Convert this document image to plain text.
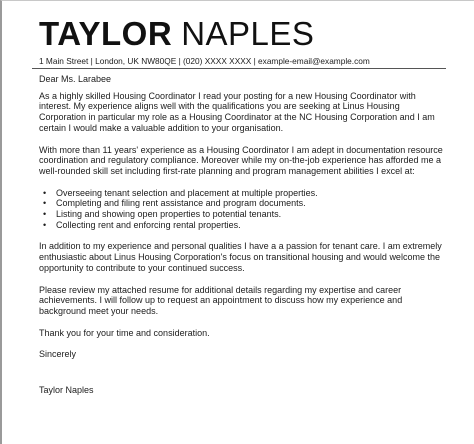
TAYLOR NAPLES
1 Main Street | London, UK NW80QE | (020) XXXX XXXX | example-email@example.com

Dear Ms. Larabee

As a highly skilled Housing Coordinator I read your posting for a new Housing Coordinator with interest. My experience aligns well with the qualifications you are seeking at Linus Housing Corporation in particular my role as a Housing Coordinator at the NC Housing Corporation and I am certain I would make a valuable addition to your organisation.

With more than 11 years' experience as a Housing Coordinator I am adept in documentation resource coordination and regulatory compliance. Moreover while my on-the-job experience has afforded me a well-rounded skill set including first-rate planning and program management abilities I excel at:

• Overseeing tenant selection and placement at multiple properties.
• Completing and filing rent assistance and program documents.
• Listing and showing open properties to potential tenants.
• Collecting rent and enforcing rental properties.

In addition to my experience and personal qualities I have a a passion for tenant care. I am extremely enthusiastic about Linus Housing Corporation's focus on transitional housing and would welcome the opportunity to contribute to your continued success.

Please review my attached resume for additional details regarding my expertise and career achievements. I will follow up to request an appointment to discuss how my experience and background meet your needs.

Thank you for your time and consideration.

Sincerely

Taylor Naples
